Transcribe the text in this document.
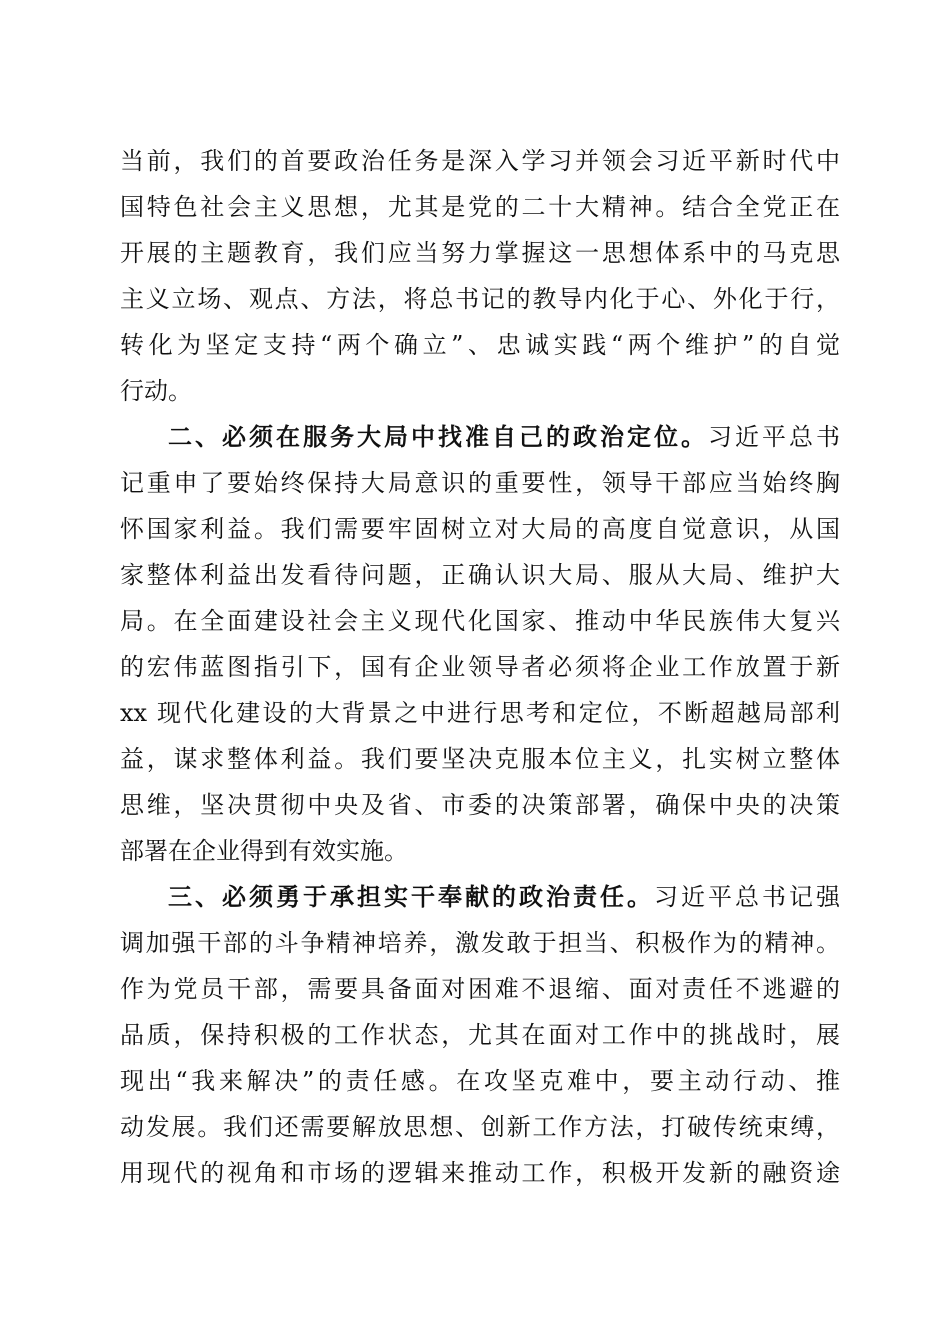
当前，我们的首要政治任务是深入学习并领会习近平新时代中
国特色社会主义思想，尤其是党的二十大精神。结合全党正在
开展的主题教育，我们应当努力掌握这一思想体系中的马克思
主义立场、观点、方法，将总书记的教导内化于心、外化于行，
转化为坚定支持“两个确立”、忠诚实践“两个维护”的自觉
行动。
二、必须在服务大局中找准自己的政治定位。习近平总书
记重申了要始终保持大局意识的重要性，领导干部应当始终胸
怀国家利益。我们需要牢固树立对大局的高度自觉意识，从国
家整体利益出发看待问题，正确认识大局、服从大局、维护大
局。在全面建设社会主义现代化国家、推动中华民族伟大复兴
的宏伟蓝图指引下，国有企业领导者必须将企业工作放置于新
xx 现代化建设的大背景之中进行思考和定位，不断超越局部利
益，谋求整体利益。我们要坚决克服本位主义，扎实树立整体
思维，坚决贯彻中央及省、市委的决策部署，确保中央的决策
部署在企业得到有效实施。
三、必须勇于承担实干奉献的政治责任。习近平总书记强
调加强干部的斗争精神培养，激发敢于担当、积极作为的精神。
作为党员干部，需要具备面对困难不退缩、面对责任不逃避的
品质，保持积极的工作状态，尤其在面对工作中的挑战时，展
现出“我来解决”的责任感。在攻坚克难中，要主动行动、推
动发展。我们还需要解放思想、创新工作方法，打破传统束缚，
用现代的视角和市场的逻辑来推动工作，积极开发新的融资途
